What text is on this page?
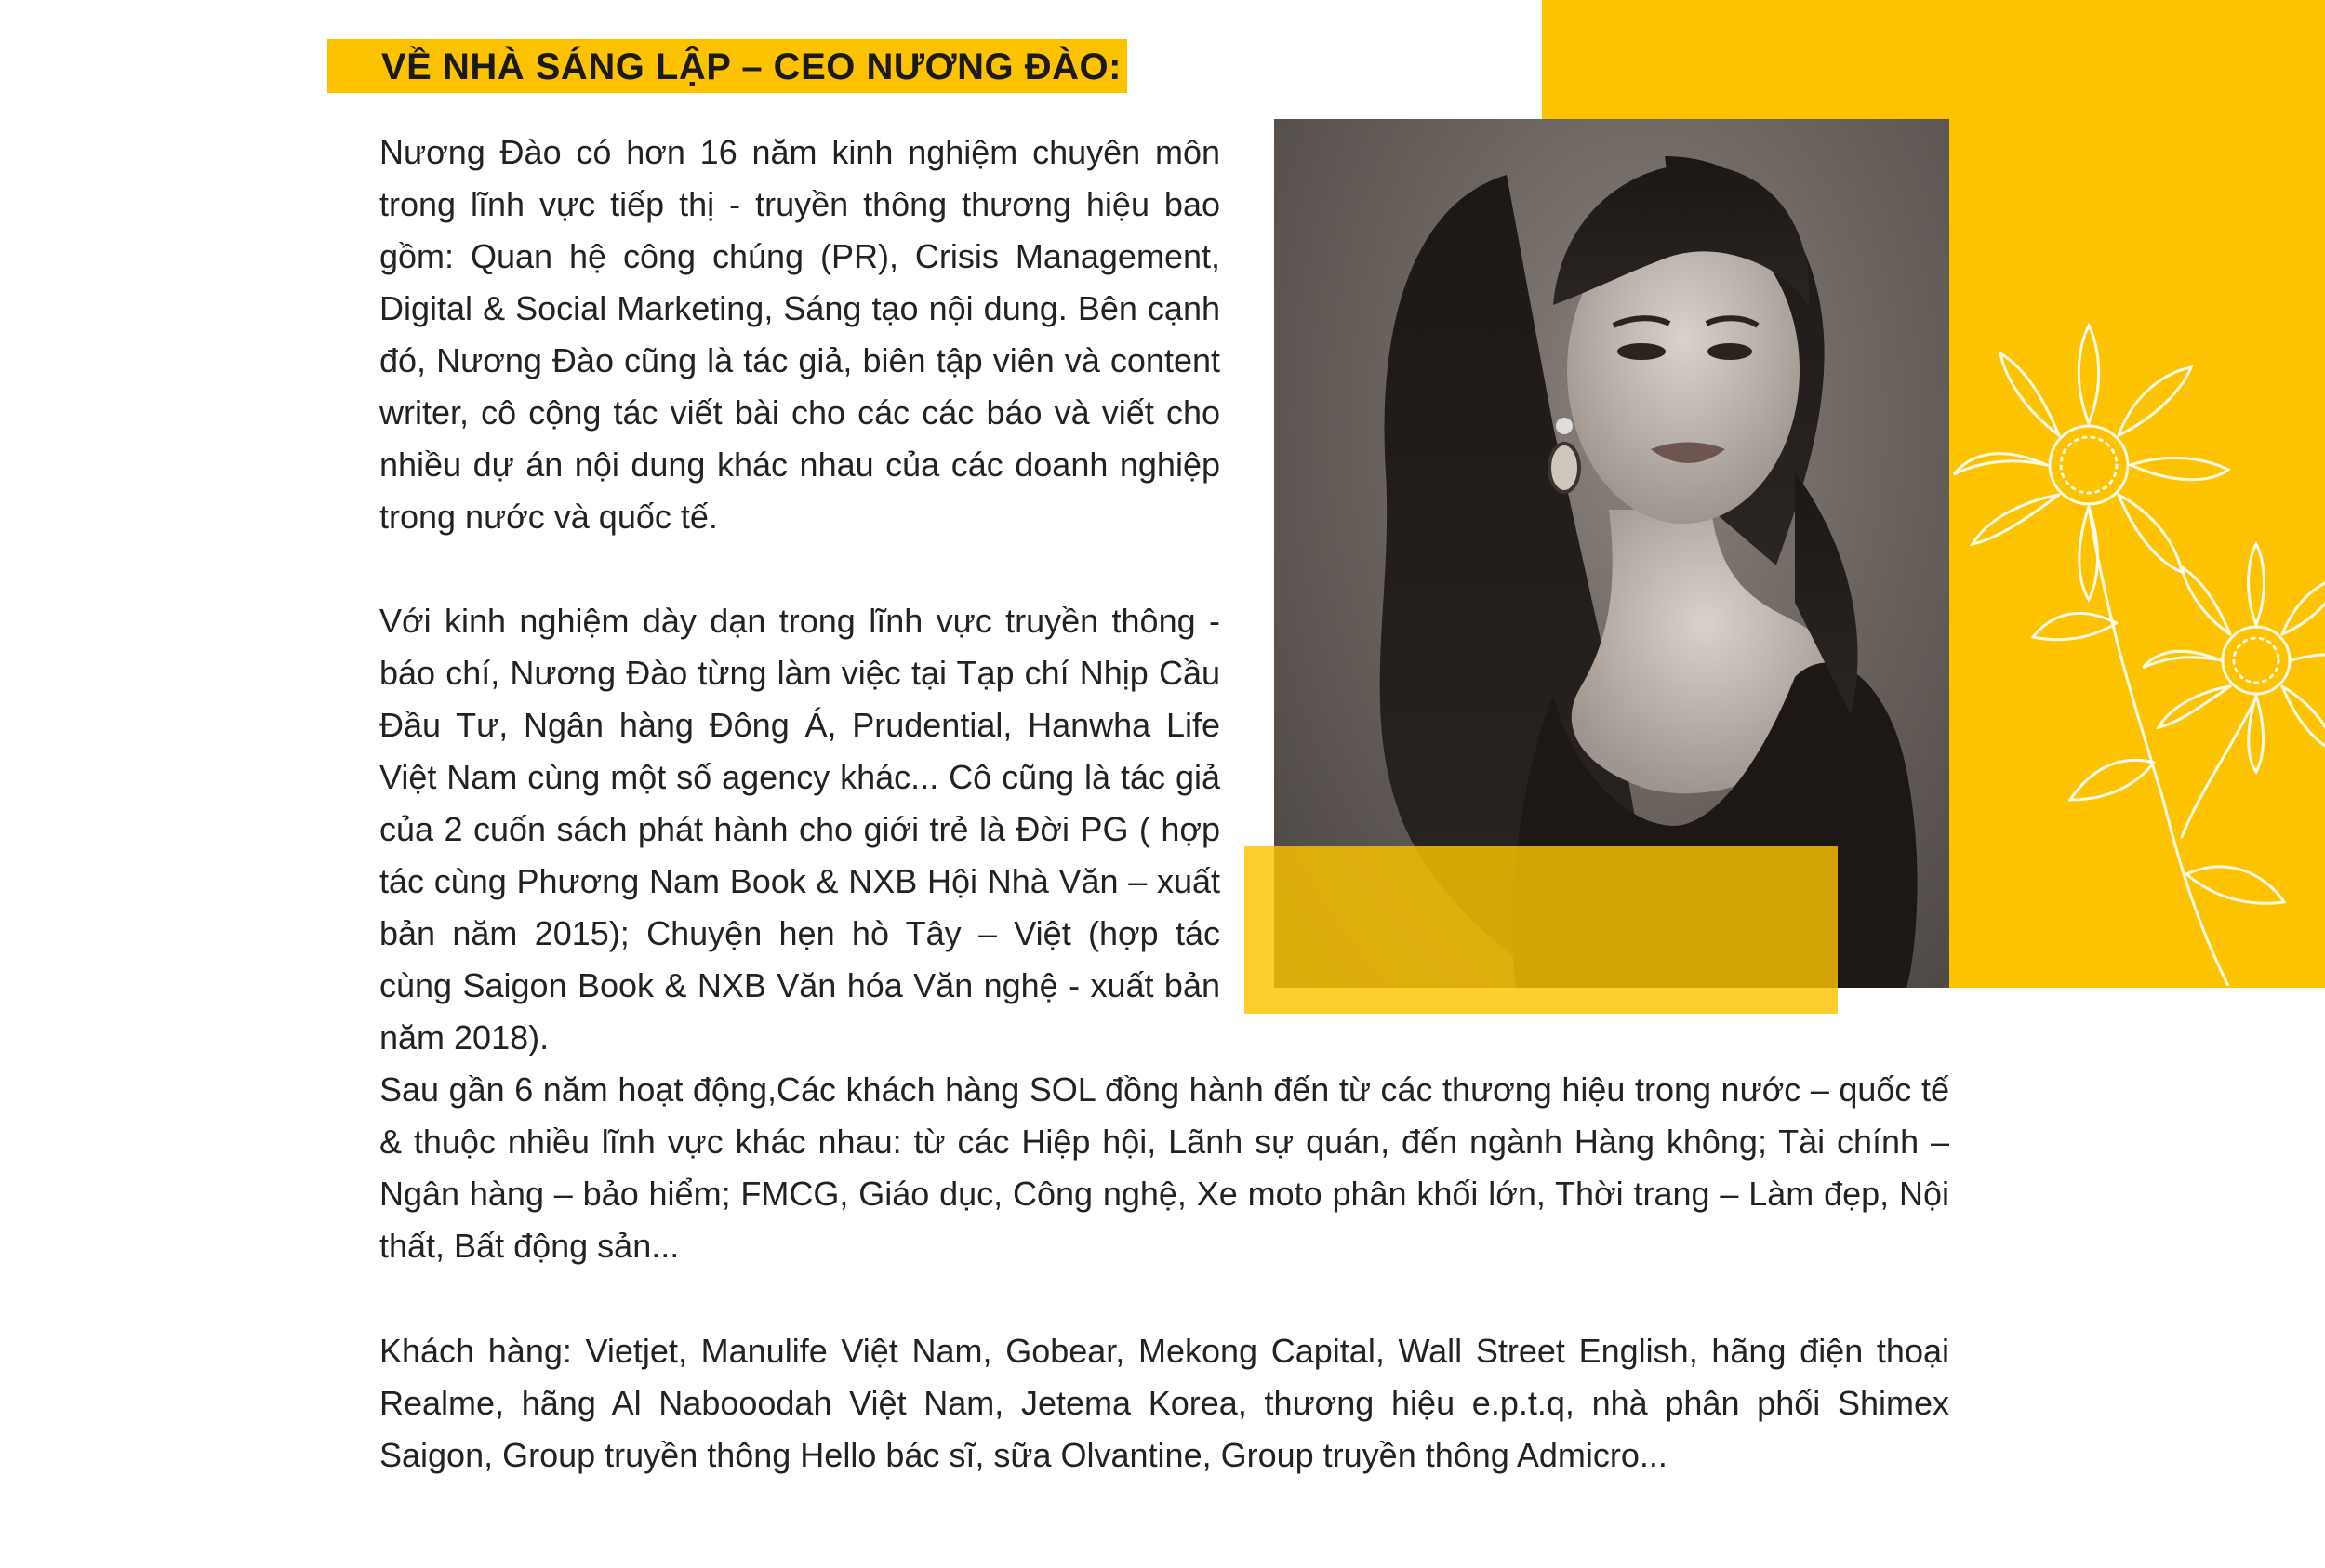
VỀ NHÀ SÁNG LẬP – CEO NƯƠNG ĐÀO:

Nương Đào có hơn 16 năm kinh nghiệm chuyên môn trong lĩnh vực tiếp thị - truyền thông thương hiệu bao gồm: Quan hệ công chúng (PR), Crisis Management, Digital & Social Marketing, Sáng tạo nội dung. Bên cạnh đó, Nương Đào cũng là tác giả, biên tập viên và content writer, cô cộng tác viết bài cho các các báo và viết cho nhiều dự án nội dung khác nhau của các doanh nghiệp trong nước và quốc tế.

Với kinh nghiệm dày dạn trong lĩnh vực truyền thông - báo chí, Nương Đào từng làm việc tại Tạp chí Nhịp Cầu Đầu Tư, Ngân hàng Đông Á, Prudential, Hanwha Life Việt Nam cùng một số agency khác... Cô cũng là tác giả của 2 cuốn sách phát hành cho giới trẻ là Đời PG ( hợp tác cùng Phương Nam Book & NXB Hội Nhà Văn – xuất bản năm 2015); Chuyện hẹn hò Tây – Việt (hợp tác cùng Saigon Book & NXB Văn hóa Văn nghệ - xuất bản năm 2018).

Sau gần 6 năm hoạt động,Các khách hàng SOL đồng hành đến từ các thương hiệu trong nước – quốc tế & thuộc nhiều lĩnh vực khác nhau: từ các Hiệp hội, Lãnh sự quán, đến ngành Hàng không; Tài chính – Ngân hàng – bảo hiểm; FMCG, Giáo dục, Công nghệ, Xe moto phân khối lớn, Thời trang – Làm đẹp, Nội thất, Bất động sản...

Khách hàng: Vietjet, Manulife Việt Nam, Gobear, Mekong Capital, Wall Street English, hãng điện thoại Realme, hãng Al Nabooodah Việt Nam, Jetema Korea, thương hiệu e.p.t.q, nhà phân phối Shimex Saigon, Group truyền thông Hello bác sĩ, sữa Olvantine, Group truyền thông Admicro...
